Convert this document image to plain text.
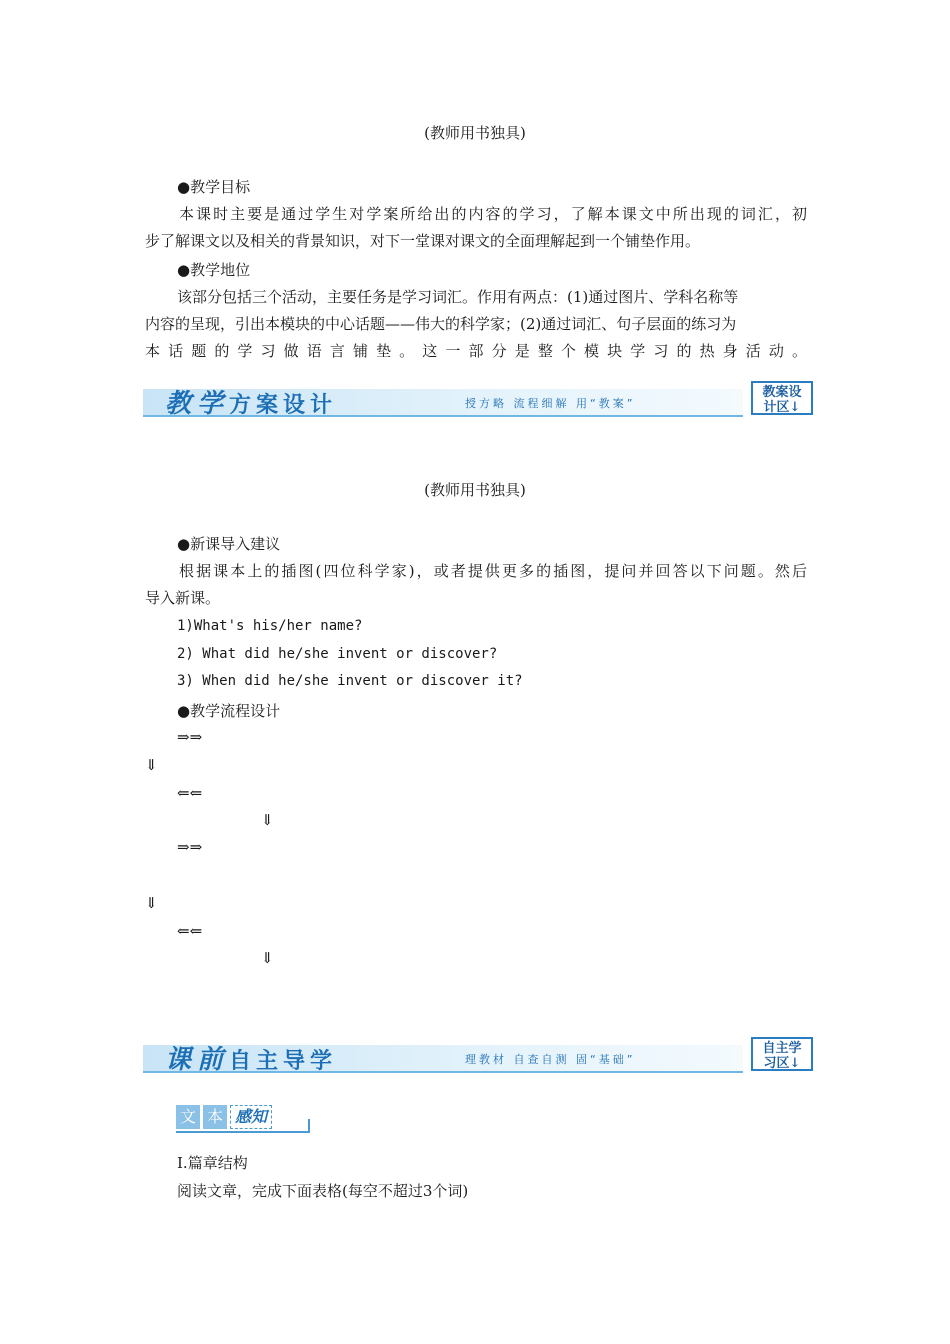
(教师用书独具)
●教学目标
本课时主要是通过学生对学案所给出的内容的学习，了解本课文中所出现的词汇，初
步了解课文以及相关的背景知识，对下一堂课对课文的全面理解起到一个铺垫作用。
●教学地位
该部分包括三个活动，主要任务是学习词汇。作用有两点：(1)通过图片、学科名称等
内容的呈现，引出本模块的中心话题——伟大的科学家；(2)通过词汇、句子层面的练习为
本 话 题 的 学 习 做 语 言 铺 垫 。 这 一 部 分 是 整 个 模 块 学 习 的 热 身 活 动 。
教学方案设计	授方略 流程细解 用“教案”
教案设
计区↓
(教师用书独具)
●新课导入建议
根据课本上的插图(四位科学家)，或者提供更多的插图，提问并回答以下问题。然后
导入新课。
1)What's his/her name?
2) What did he/she invent or discover?
3) When did he/she invent or discover it?
●教学流程设计
⇒⇒
⇓
⇐⇐
⇓
⇒⇒
⇓
⇐⇐
⇓
课前自主导学	理教材 自查自测 固“基础”
自主学
习区↓
文 本 感知
Ⅰ.篇章结构
阅读文章，完成下面表格(每空不超过3个词)
